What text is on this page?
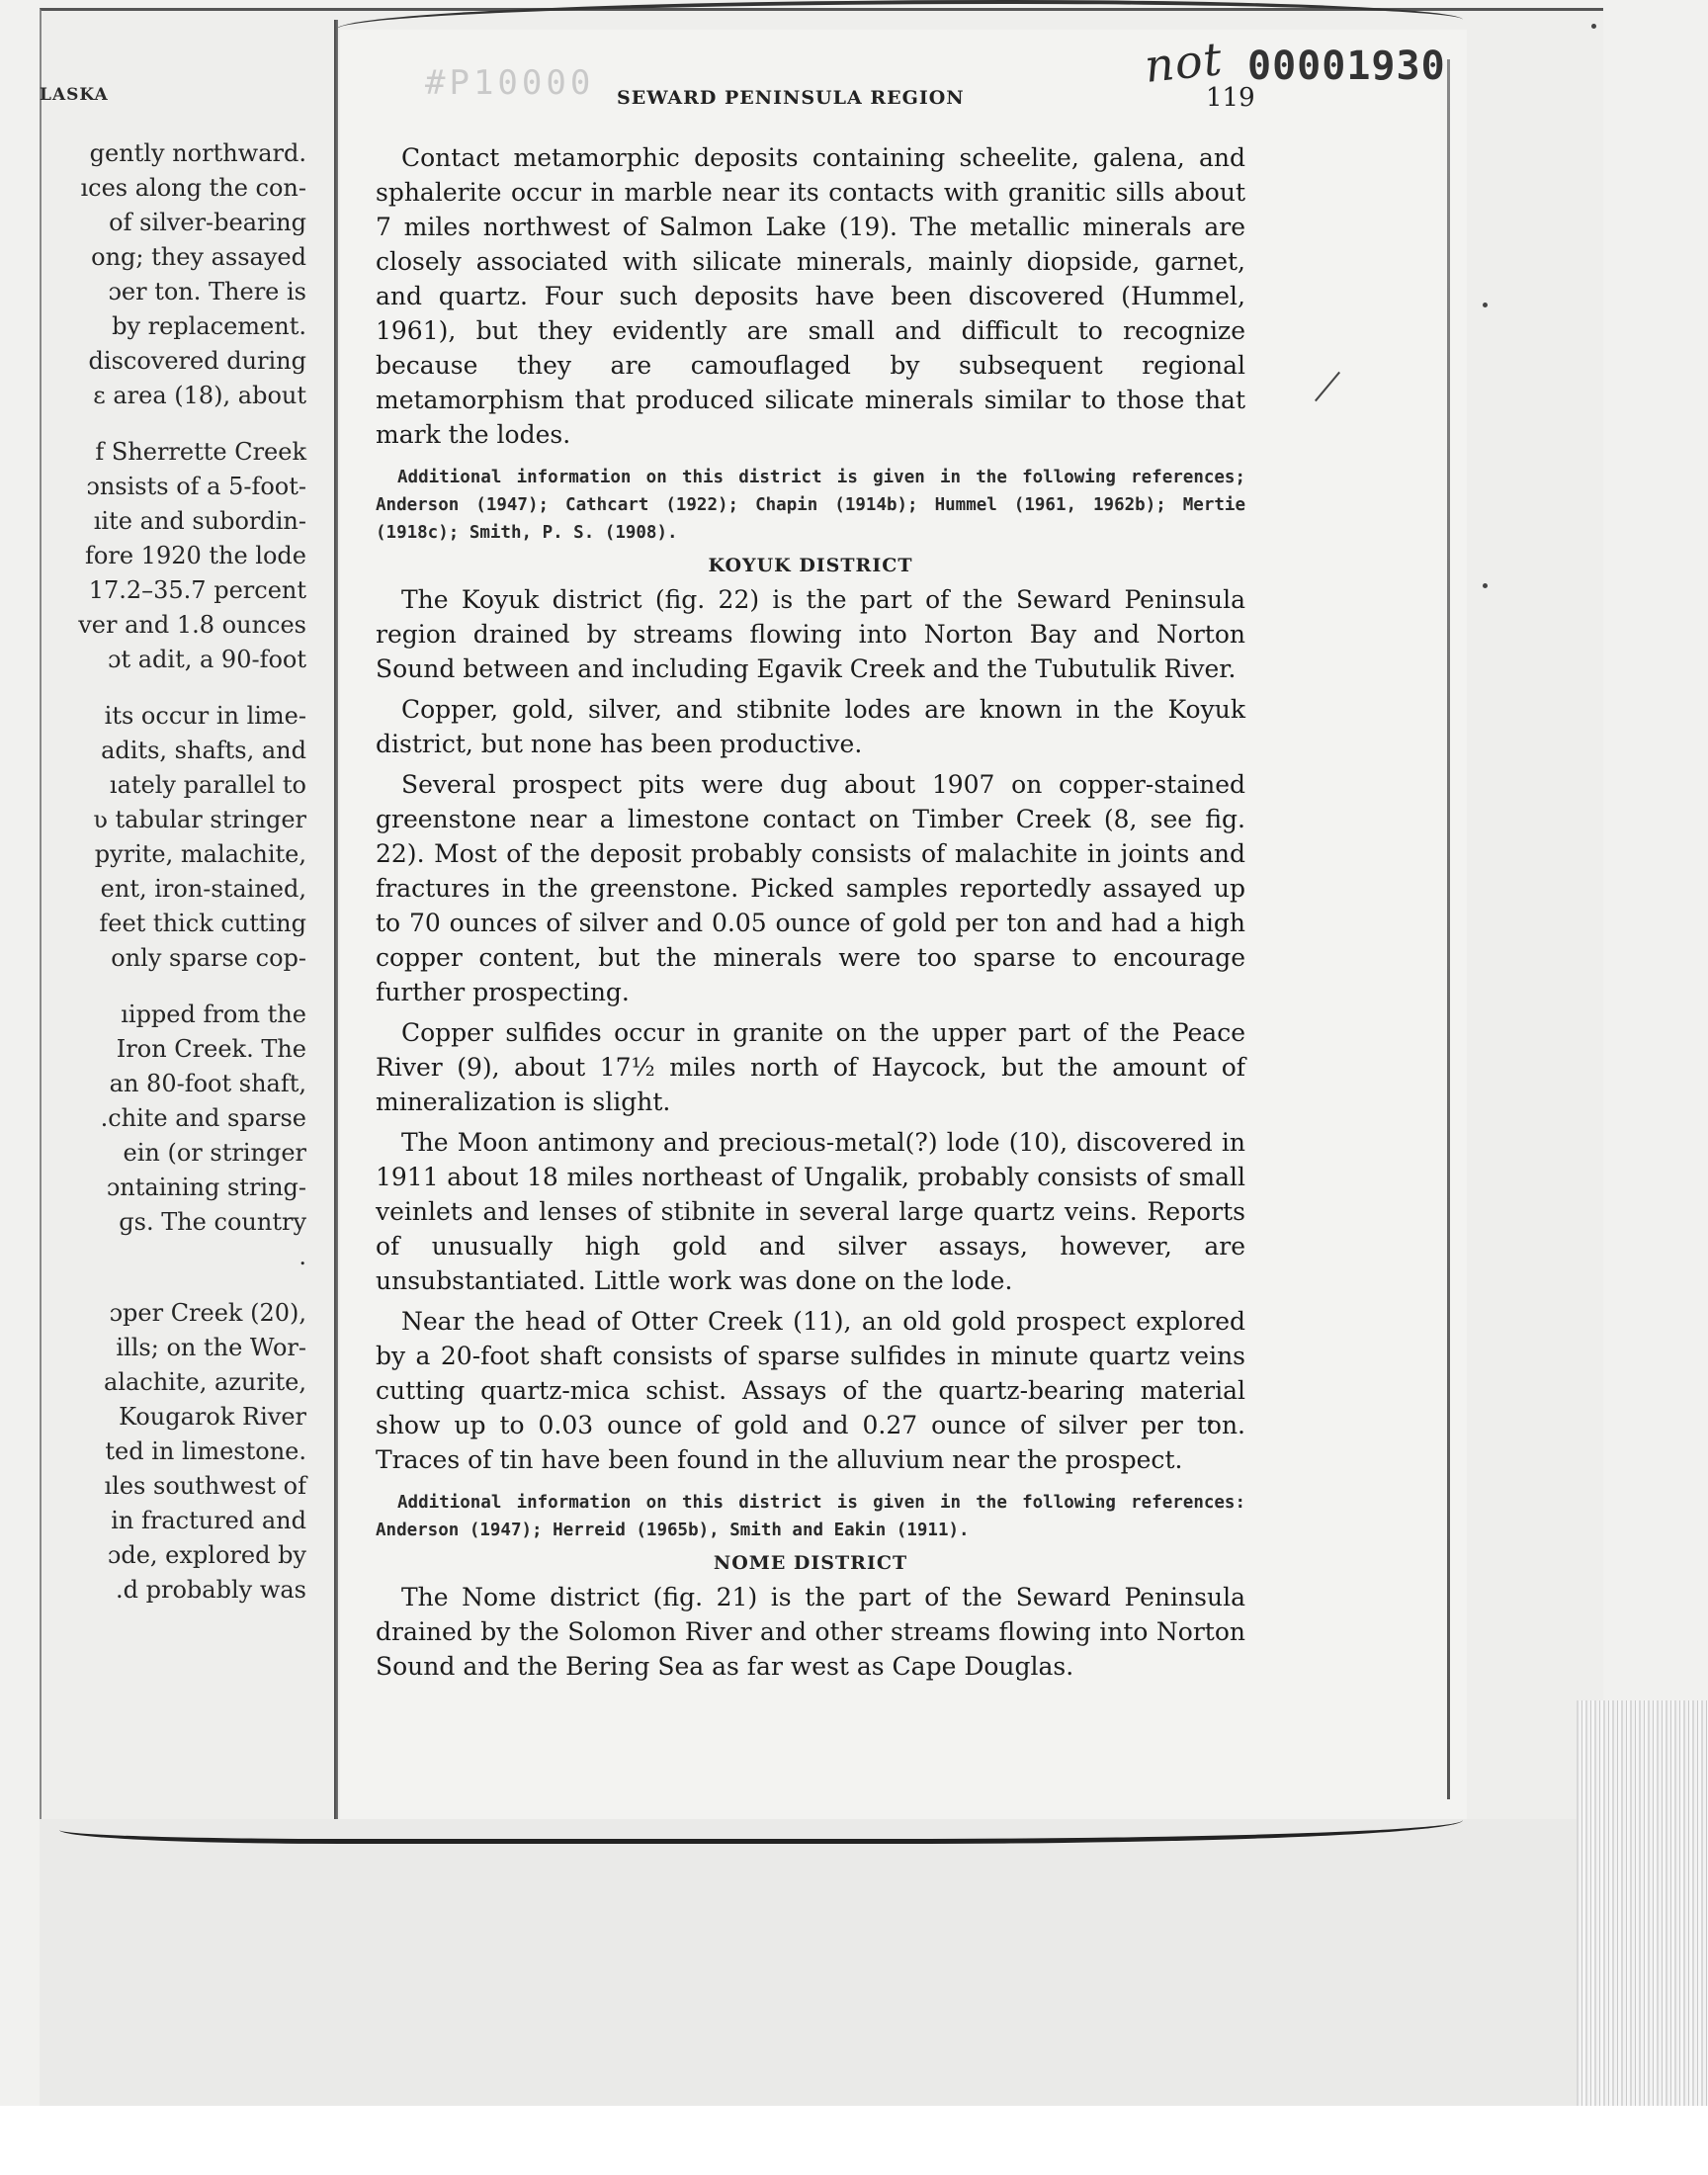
LASKA
gently northward.
ıces along the con-
of silver-bearing
ong; they assayed
ɔer ton. There is
by replacement.
discovered during
ɛ area (18), about
f Sherrette Creek
ɔnsists of a 5-foot-
ıite and subordin-
fore 1920 the lode
17.2–35.7 percent
ver and 1.8 ounces
ɔt adit, a 90-foot
its occur in lime-
adits, shafts, and
ıately parallel to
ʋ tabular stringer
pyrite, malachite,
ent, iron-stained,
feet thick cutting
only sparse cop-
ıipped from the
Iron Creek. The
an 80-foot shaft,
.chite and sparse
ein (or stringer
ɔntaining string-
ɡs. The country
.
ɔper Creek (20),
ills; on the Wor-
alachite, azurite,
Kougarok River
ted in limestone.
ıles southwest of
in fractured and
ɔde, explored by
.d probably was
#P10000 SEWARD PENINSULA REGION	119
not 00001930

Contact metamorphic deposits containing scheelite, galena, and sphalerite occur in marble near its contacts with granitic sills about 7 miles northwest of Salmon Lake (19). The metallic minerals are closely associated with silicate minerals, mainly diopside, garnet, and quartz. Four such deposits have been discovered (Hummel, 1961), but they evidently are small and difficult to recognize because they are camouflaged by subsequent regional metamorphism that produced silicate minerals similar to those that mark the lodes.

Additional information on this district is given in the following references; Anderson (1947); Cathcart (1922); Chapin (1914b); Hummel (1961, 1962b); Mertie (1918c); Smith, P. S. (1908).

KOYUK DISTRICT

The Koyuk district (fig. 22) is the part of the Seward Peninsula region drained by streams flowing into Norton Bay and Norton Sound between and including Egavik Creek and the Tubutulik River.

Copper, gold, silver, and stibnite lodes are known in the Koyuk district, but none has been productive.

Several prospect pits were dug about 1907 on copper-stained greenstone near a limestone contact on Timber Creek (8, see fig. 22). Most of the deposit probably consists of malachite in joints and fractures in the greenstone. Picked samples reportedly assayed up to 70 ounces of silver and 0.05 ounce of gold per ton and had a high copper content, but the minerals were too sparse to encourage further prospecting.

Copper sulfides occur in granite on the upper part of the Peace River (9), about 17½ miles north of Haycock, but the amount of mineralization is slight.

The Moon antimony and precious-metal(?) lode (10), discovered in 1911 about 18 miles northeast of Ungalik, probably consists of small veinlets and lenses of stibnite in several large quartz veins. Reports of unusually high gold and silver assays, however, are unsubstantiated. Little work was done on the lode.

Near the head of Otter Creek (11), an old gold prospect explored by a 20-foot shaft consists of sparse sulfides in minute quartz veins cutting quartz-mica schist. Assays of the quartz-bearing material show up to 0.03 ounce of gold and 0.27 ounce of silver per ton. Traces of tin have been found in the alluvium near the prospect.

Additional information on this district is given in the following references: Anderson (1947); Herreid (1965b), Smith and Eakin (1911).

NOME DISTRICT

The Nome district (fig. 21) is the part of the Seward Peninsula drained by the Solomon River and other streams flowing into Norton Sound and the Bering Sea as far west as Cape Douglas.
